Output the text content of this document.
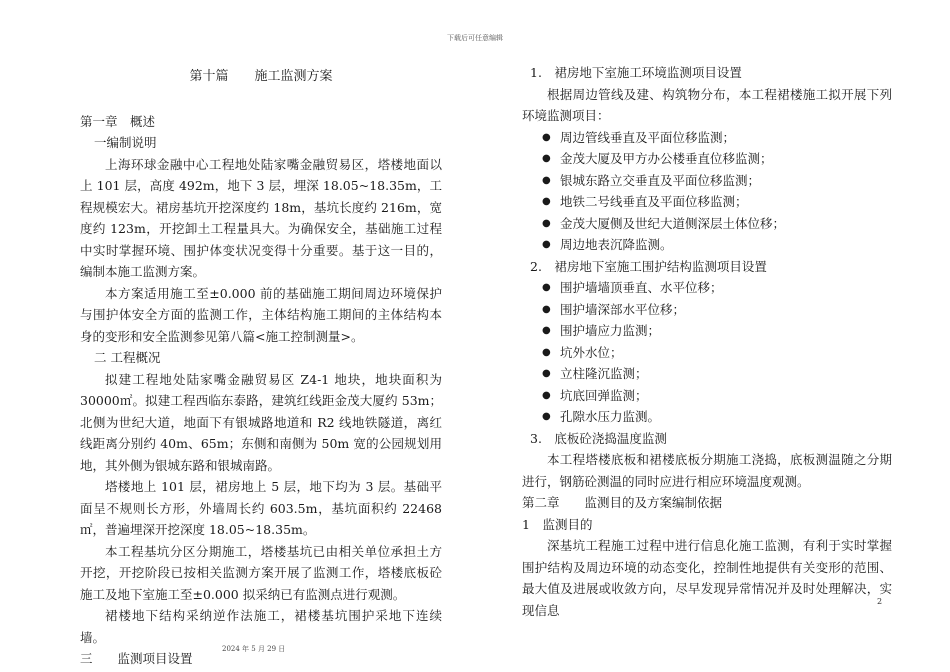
下载后可任意编辑
第十篇　　施工监测方案
第一章　概述
一编制说明
上海环球金融中心工程地处陆家嘴金融贸易区，塔楼地面以上 101 层，高度 492m，地下 3 层，埋深 18.05~18.35m，工程规模宏大。裙房基坑开挖深度约 18m，基坑长度约 216m，宽度约 123m，开挖卸土工程量具大。为确保安全，基础施工过程中实时掌握环境、围护体变状况变得十分重要。基于这一目的，编制本施工监测方案。
本方案适用施工至±0.000 前的基础施工期间周边环境保护与围护体安全方面的监测工作，主体结构施工期间的主体结构本身的变形和安全监测参见第八篇<施工控制测量>。
二 工程概况
拟建工程地处陆家嘴金融贸易区 Z4-1 地块，地块面积为 30000㎡。拟建工程西临东泰路，建筑红线距金茂大厦约 53m；北侧为世纪大道，地面下有银城路地道和 R2 线地铁隧道，离红线距离分别约 40m、65m；东侧和南侧为 50m 宽的公园规划用地，其外侧为银城东路和银城南路。
塔楼地上 101 层，裙房地上 5 层，地下均为 3 层。基础平面呈不规则长方形，外墙周长约 603.5m，基坑面积约 22468㎡，普遍埋深开挖深度 18.05~18.35m。
本工程基坑分区分期施工，塔楼基坑已由相关单位承担土方开挖，开挖阶段已按相关监测方案开展了监测工作，塔楼底板砼施工及地下室施工至±0.000 拟采纳已有监测点进行观测。
裙楼地下结构采纳逆作法施工，裙楼基坑围护采地下连续墙。
三　　监测项目设置
1.　裙房地下室施工环境监测项目设置
根据周边管线及建、构筑物分布，本工程裙楼施工拟开展下列环境监测项目：
● 周边管线垂直及平面位移监测；
● 金茂大厦及甲方办公楼垂直位移监测；
● 银城东路立交垂直及平面位移监测；
● 地铁二号线垂直及平面位移监测；
● 金茂大厦侧及世纪大道侧深层土体位移；
● 周边地表沉降监测。
2.　裙房地下室施工围护结构监测项目设置
● 围护墙墙顶垂直、水平位移；
● 围护墙深部水平位移；
● 围护墙应力监测；
● 坑外水位；
● 立柱隆沉监测；
● 坑底回弹监测；
● 孔隙水压力监测。
3.　底板砼浇捣温度监测
本工程塔楼底板和裙楼底板分期施工浇捣，底板测温随之分期进行，钢筋砼测温的同时应进行相应环境温度观测。
第二章　　监测目的及方案编制依据
1　监测目的
深基坑工程施工过程中进行信息化施工监测，有利于实时掌握围护结构及周边环境的动态变化，控制性地提供有关变形的范围、最大值及进展或收敛方向，尽早发现异常情况并及时处理解决，实现信息
2
2024 年 5 月 29 日
